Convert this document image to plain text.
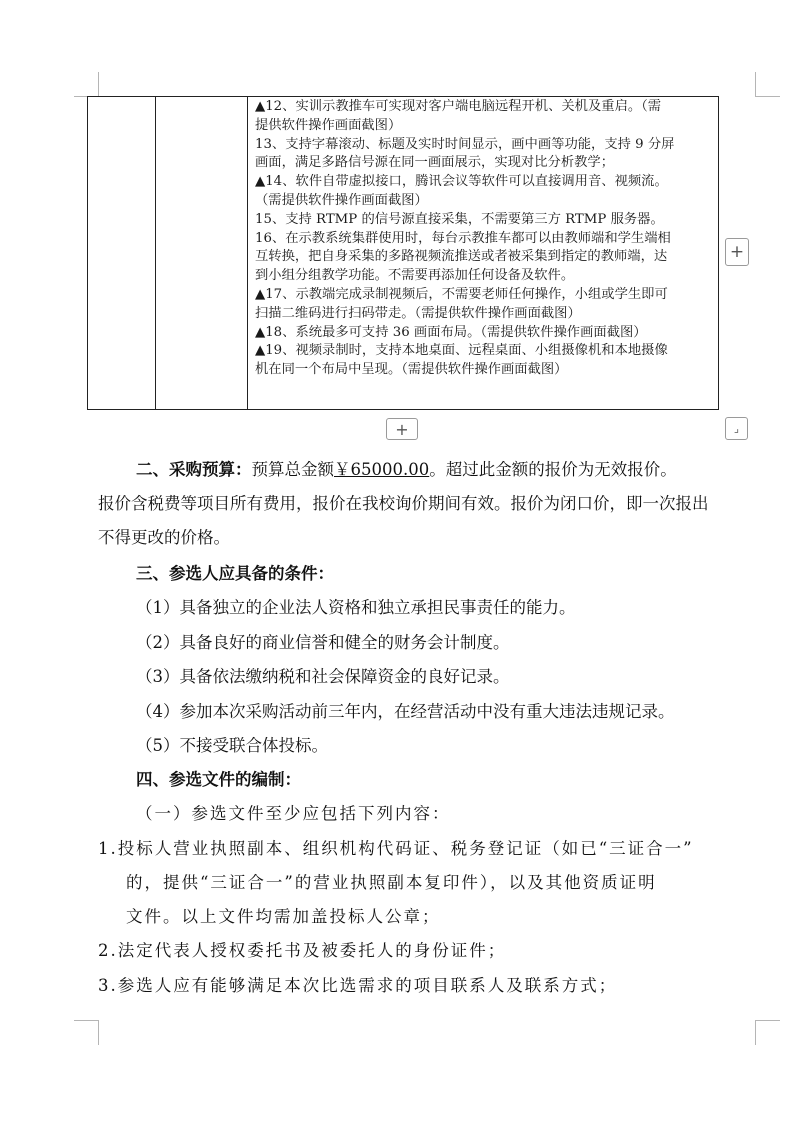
▲12、实训示教推车可实现对客户端电脑远程开机、关机及重启。（需
提供软件操作画面截图）
13、支持字幕滚动、标题及实时时间显示，画中画等功能，支持 9 分屏
画面，满足多路信号源在同一画面展示，实现对比分析教学；
▲14、软件自带虚拟接口，腾讯会议等软件可以直接调用音、视频流。
（需提供软件操作画面截图）
15、支持 RTMP 的信号源直接采集，不需要第三方 RTMP 服务器。
16、在示教系统集群使用时，每台示教推车都可以由教师端和学生端相
互转换，把自身采集的多路视频流推送或者被采集到指定的教师端，达
到小组分组教学功能。不需要再添加任何设备及软件。
▲17、示教端完成录制视频后，不需要老师任何操作，小组或学生即可
扫描二维码进行扫码带走。（需提供软件操作画面截图）
▲18、系统最多可支持 36 画面布局。（需提供软件操作画面截图）
▲19、视频录制时，支持本地桌面、远程桌面、小组摄像机和本地摄像
机在同一个布局中呈现。（需提供软件操作画面截图）
+
+	⌟
二、采购预算：预算总金额￥65000.00。超过此金额的报价为无效报价。
报价含税费等项目所有费用，报价在我校询价期间有效。报价为闭口价，即一次报出
不得更改的价格。
三、参选人应具备的条件：
（1）具备独立的企业法人资格和独立承担民事责任的能力。
（2）具备良好的商业信誉和健全的财务会计制度。
（3）具备依法缴纳税和社会保障资金的良好记录。
（4）参加本次采购活动前三年内，在经营活动中没有重大违法违规记录。
（5）不接受联合体投标。
四、参选文件的编制：
（一）参选文件至少应包括下列内容：
1.投标人营业执照副本、组织机构代码证、税务登记证（如已“三证合一”
的，提供“三证合一”的营业执照副本复印件），以及其他资质证明
文件。以上文件均需加盖投标人公章；
2.法定代表人授权委托书及被委托人的身份证件；
3.参选人应有能够满足本次比选需求的项目联系人及联系方式；
